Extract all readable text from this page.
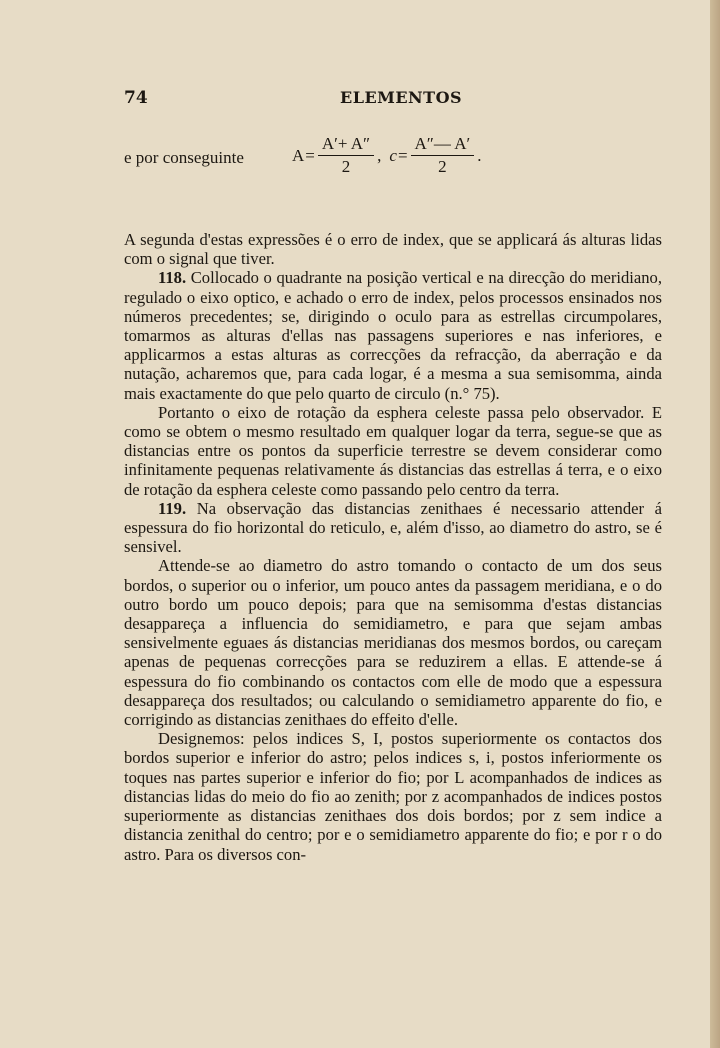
74	ELEMENTOS
e por conseguinte	$A = \frac{A'+ A''}{2}$ , $c = \frac{A''— A'}{2}$ .

A segunda d'estas expressões é o erro de index, que se applicará ás alturas lidas com o signal que tiver.

118. Collocado o quadrante na posição vertical e na direcção do meridiano, regulado o eixo optico, e achado o erro de index, pelos processos ensinados nos números precedentes; se, dirigindo o oculo para as estrellas circumpolares, tomarmos as alturas d'ellas nas passagens superiores e nas inferiores, e applicarmos a estas alturas as correcções da refracção, da aberração e da nutação, acharemos que, para cada logar, é a mesma a sua semisomma, ainda mais exactamente do que pelo quarto de circulo (n.° 75).

Portanto o eixo de rotação da esphera celeste passa pelo observador. E como se obtem o mesmo resultado em qualquer logar da terra, segue-se que as distancias entre os pontos da superficie terrestre se devem considerar como infinitamente pequenas relativamente ás distancias das estrellas á terra, e o eixo de rotação da esphera celeste como passando pelo centro da terra.

119. Na observação das distancias zenithaes é necessario attender á espessura do fio horizontal do reticulo, e, além d'isso, ao diametro do astro, se é sensivel.

Attende-se ao diametro do astro tomando o contacto de um dos seus bordos, o superior ou o inferior, um pouco antes da passagem meridiana, e o do outro bordo um pouco depois; para que na semisomma d'estas distancias desappareça a influencia do semidiametro, e para que sejam ambas sensivelmente eguaes ás distancias meridianas dos mesmos bordos, ou careçam apenas de pequenas correcções para se reduzirem a ellas. E attende-se á espessura do fio combinando os contactos com elle de modo que a espessura desappareça dos resultados; ou calculando o semidiametro apparente do fio, e corrigindo as distancias zenithaes do effeito d'elle.

Designemos: pelos indices S, I, postos superiormente os contactos dos bordos superior e inferior do astro; pelos indices s, i, postos inferiormente os toques nas partes superior e inferior do fio; por L acompanhados de indices as distancias lidas do meio do fio ao zenith; por z acompanhados de indices postos superiormente as distancias zenithaes dos dois bordos; por z sem indice a distancia zenithal do centro; por e o semidiametro apparente do fio; e por r o do astro. Para os diversos con-
